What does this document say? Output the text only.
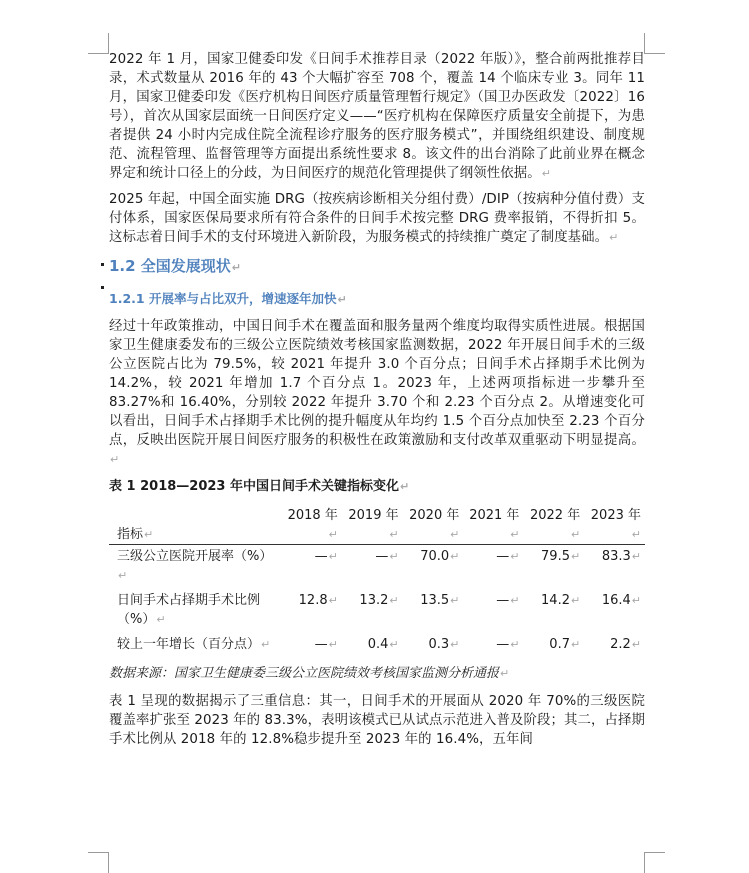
2022 年 1 月，国家卫健委印发《日间手术推荐目录（2022 年版）》，整合前两批推荐目录，术式数量从 2016 年的 43 个大幅扩容至 708 个，覆盖 14 个临床专业 3。同年 11 月，国家卫健委印发《医疗机构日间医疗质量管理暂行规定》（国卫办医政发〔2022〕16 号），首次从国家层面统一日间医疗定义——“医疗机构在保障医疗质量安全前提下，为患者提供 24 小时内完成住院全流程诊疗服务的医疗服务模式”，并围绕组织建设、制度规范、流程管理、监督管理等方面提出系统性要求 8。该文件的出台消除了此前业界在概念界定和统计口径上的分歧，为日间医疗的规范化管理提供了纲领性依据。↵

2025 年起，中国全面实施 DRG（按疾病诊断相关分组付费）/DIP（按病种分值付费）支付体系，国家医保局要求所有符合条件的日间手术按完整 DRG 费率报销，不得折扣 5。这标志着日间手术的支付环境进入新阶段，为服务模式的持续推广奠定了制度基础。↵

1.2 全国发展现状↵
1.2.1 开展率与占比双升，增速逐年加快↵

经过十年政策推动，中国日间手术在覆盖面和服务量两个维度均取得实质性进展。根据国家卫生健康委发布的三级公立医院绩效考核国家监测数据，2022 年开展日间手术的三级公立医院占比为 79.5%，较 2021 年提升 3.0 个百分点；日间手术占择期手术比例为 14.2%，较 2021 年增加 1.7 个百分点 1。2023 年，上述两项指标进一步攀升至 83.27%和 16.40%，分别较 2022 年提升 3.70 个和 2.23 个百分点 2。从增速变化可以看出，日间手术占择期手术比例的提升幅度从年均约 1.5 个百分点加快至 2.23 个百分点，反映出医院开展日间医疗服务的积极性在政策激励和支付改革双重驱动下明显提高。↵

表 1 2018—2023 年中国日间手术关键指标变化↵
指标↵	2018 年↵	2019 年↵	2020 年↵	2021 年↵	2022 年↵	2023 年↵
三级公立医院开展率（%）↵	—↵	—↵	70.0↵	—↵	79.5↵	83.3↵
日间手术占择期手术比例（%）↵	12.8↵	13.2↵	13.5↵	—↵	14.2↵	16.4↵
较上一年增长（百分点）↵	—↵	0.4↵	0.3↵	—↵	0.7↵	2.2↵
数据来源：国家卫生健康委三级公立医院绩效考核国家监测分析通报↵

表 1 呈现的数据揭示了三重信息：其一，日间手术的开展面从 2020 年 70%的三级医院覆盖率扩张至 2023 年的 83.3%，表明该模式已从试点示范进入普及阶段；其二，占择期手术比例从 2018 年的 12.8%稳步提升至 2023 年的 16.4%，五年间
